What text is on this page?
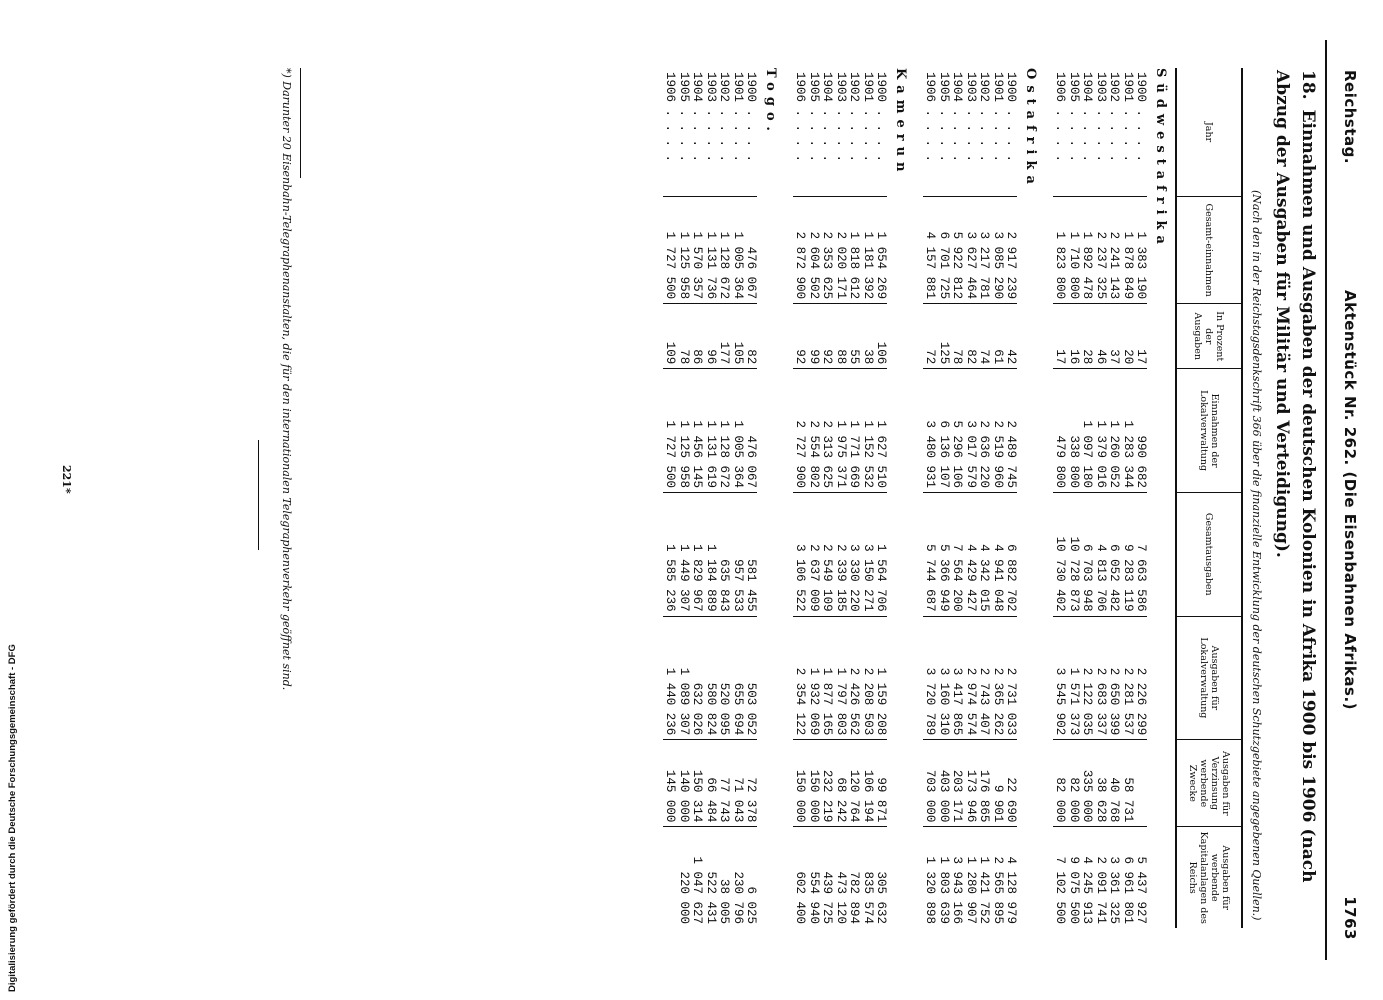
Reichstag.
Aktenstück Nr. 262. (Die Eisenbahnen Afrikas.)
1763
18.Einnahmen und Ausgaben der deutschen Kolonien in Afrika 1900 bis 1906 (nach Abzug der Ausgaben für Militär und Verteidigung).
(Nach den in der Reichstagsdenkschrift 366 über die finanzielle Entwicklung der deutschen Schutzgebiete angegebenen Quellen.)
Jahr	Gesamt-einnahmen	In Prozent der Ausgaben	Einnahmen der Lokalverwaltung	Gesamtausgaben	Ausgaben für Lokalverwaltung	Ausgaben für Verzinsung werbende Zwecke	Ausgaben für werbende Kapitalanlagen des Reichs
Südwestafrika							
1900 . . . .	1 383 190	17	990 682	7 663 586	2 226 299		5 437 927
1901 . . . .	1 878 849	20	1 283 344	9 283 119	2 281 537	58 731	6 961 801
1902 . . . .	2 241 143	37	1 260 052	6 052 482	2 650 399	40 768	3 361 325
1903 . . . .	2 237 325	46	1 379 016	4 813 706	2 683 337	38 628	2 091 741
1904 . . . .	1 892 478	28	1 097 180	6 703 948	2 122 035	335 000	4 245 913
1905 . . . .	1 710 800	16	338 800	10 728 873	1 571 373	82 000	9 075 500
1906 . . . .	1 823 800	17	479 800	10 730 402	3 545 902	82 000	7 102 500

Ostafrika							
1900 . . . .	2 917 239	42	2 489 745	6 882 702	2 731 033	22 690	4 128 979
1901 . . . .	3 085 290	61	2 519 960	4 941 048	2 365 262	9 901	2 565 895
1902 . . . .	3 217 781	74	2 636 220	4 342 015	2 743 407	176 865	1 421 752
1903 . . . .	3 627 464	82	3 017 579	4 429 427	2 974 574	173 946	1 280 907
1904 . . . .	5 922 812	78	5 296 106	7 564 200	3 417 865	203 171	3 943 166
1905 . . . .	6 701 725	125	6 136 107	5 366 949	3 160 310	403 000	1 803 639
1906 . . . .	4 157 881	72	3 480 931	5 744 687	3 720 789	703 000	1 320 898

Kamerun							
1900 . . . .	1 654 269	106	1 627 510	1 564 706	1 159 208	99 871	305 632
1901 . . . .	1 181 392	38	1 152 532	3 150 271	2 208 503	106 194	835 574
1902 . . . .	1 818 612	55	1 771 669	3 330 220	2 426 562	120 764	782 894
1903 . . . .	2 020 171	88	1 975 371	2 339 185	1 797 803	68 242	473 120
1904 . . . .	2 353 625	92	2 313 625	2 549 109	1 877 165	232 219	439 725
1905 . . . .	2 604 502	99	2 554 802	2 637 009	1 932 069	150 000	554 940
1906 . . . .	2 872 900	92	2 727 900	3 106 522	2 354 122	150 000	602 400

Togo.							
1900 . . . .	476 067	82	476 067	581 455	503 052	72 378	6 025
1901 . . . .	1 005 364	105	1 005 364	957 533	655 694	71 043	230 796
1902 . . . .	1 128 672	177	1 128 672	635 843	520 095	77 743	38 005
1903 . . . .	1 131 736	96	1 131 619	1 184 889	580 824	66 484	522 431
1904 . . . .	1 570 357	86	1 456 145	1 829 967	632 026	150 314	1 047 627
1905 . . . .	1 125 958	78	1 125 958	1 449 307	1 089 307	140 000	220 000
1906 . . . .	1 727 500	109	1 727 500	1 585 236	1 440 236	145 000	

*) Darunter 20 Eisenbahn-Telegraphenanstalten, die für den internationalen Telegraphenverkehr geöffnet sind.
221*
Digitalisierung gefördert durch die Deutsche Forschungsgemeinschaft - DFG
